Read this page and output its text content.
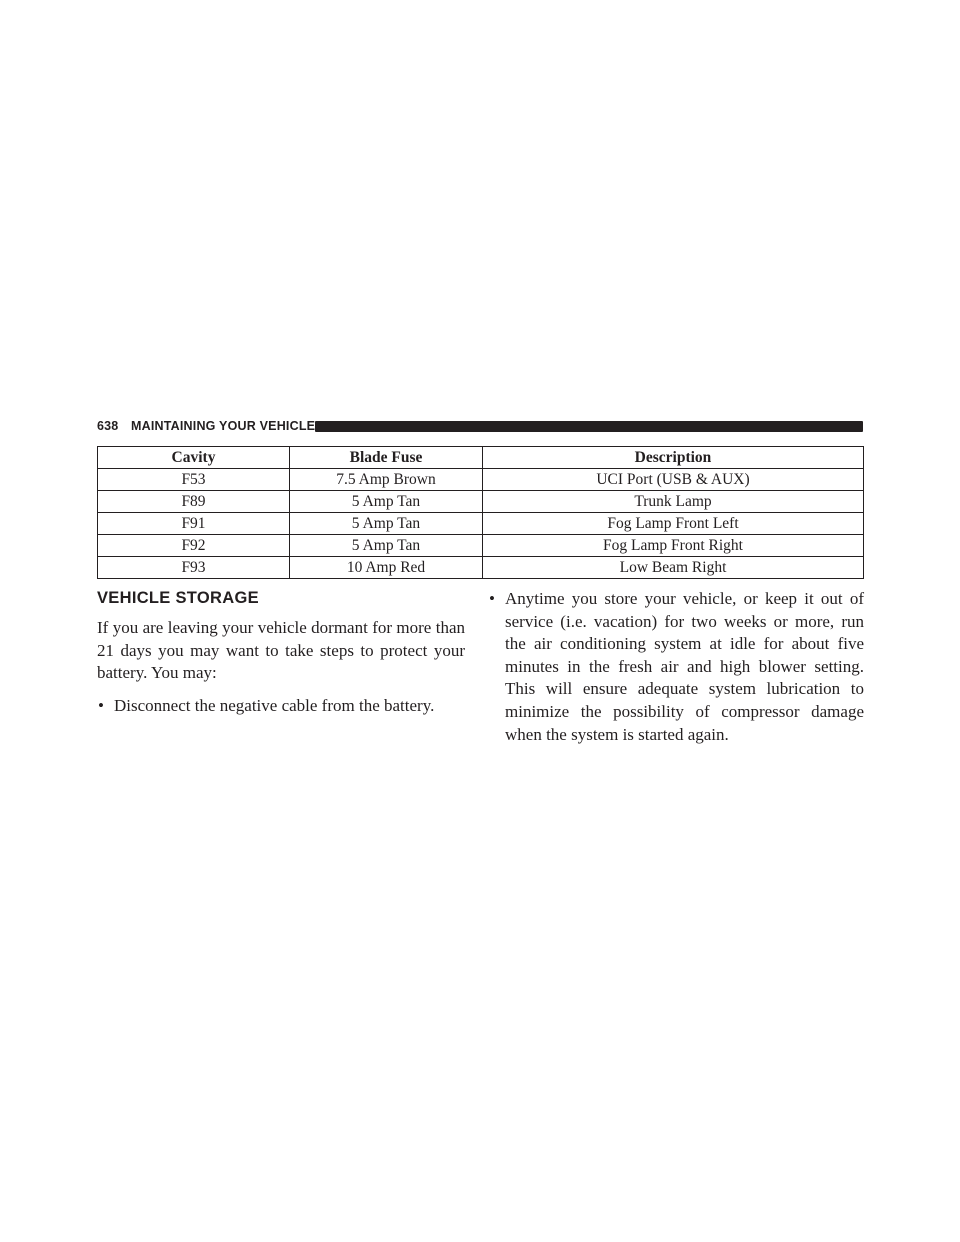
638 MAINTAINING YOUR VEHICLE
Cavity	Blade Fuse	Description
F53	7.5 Amp Brown	UCI Port (USB & AUX)
F89	5 Amp Tan	Trunk Lamp
F91	5 Amp Tan	Fog Lamp Front Left
F92	5 Amp Tan	Fog Lamp Front Right
F93	10 Amp Red	Low Beam Right
VEHICLE STORAGE

If you are leaving your vehicle dormant for more than 21 days you may want to take steps to protect your battery. You may:

• Disconnect the negative cable from the battery.
• Anytime you store your vehicle, or keep it out of service (i.e. vacation) for two weeks or more, run the air conditioning system at idle for about five minutes in the fresh air and high blower setting. This will ensure adequate system lubrication to minimize the possibility of compressor damage when the system is started again.
